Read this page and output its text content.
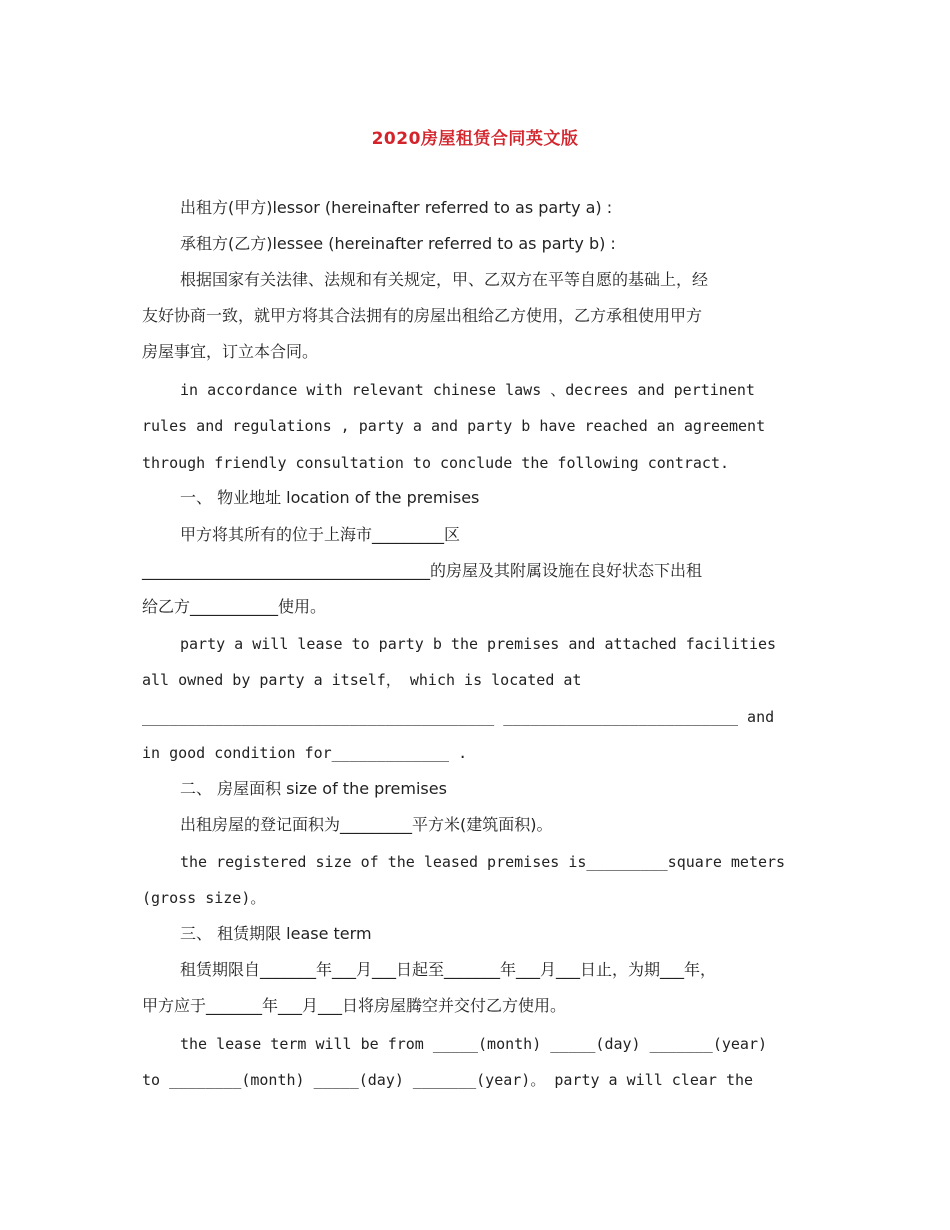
2020房屋租赁合同英文版
出租方(甲方)lessor (hereinafter referred to as party a) :
承租方(乙方)lessee (hereinafter referred to as party b) :
根据国家有关法律、法规和有关规定，甲、乙双方在平等自愿的基础上，经
友好协商一致，就甲方将其合法拥有的房屋出租给乙方使用，乙方承租使用甲方
房屋事宜，订立本合同。
in accordance with relevant chinese laws 、decrees and pertinent
rules and regulations , party a and party b have reached an agreement
through friendly consultation to conclude the following contract.
一、 物业地址 location of the premises
甲方将其所有的位于上海市_________区
____________________________________的房屋及其附属设施在良好状态下出租
给乙方___________使用。
party a will lease to party b the premises and attached facilities
all owned by party a itself， which is located at
_______________________________________ __________________________ and
in good condition for_____________ .
二、 房屋面积 size of the premises
出租房屋的登记面积为_________平方米(建筑面积)。
the registered size of the leased premises is_________square meters
(gross size)。
三、 租赁期限 lease term
租赁期限自_______年___月___日起至_______年___月___日止，为期___年，
甲方应于_______年___月___日将房屋腾空并交付乙方使用。
the lease term will be from _____(month) _____(day) _______(year)
to ________(month) _____(day) _______(year)。 party a will clear the
